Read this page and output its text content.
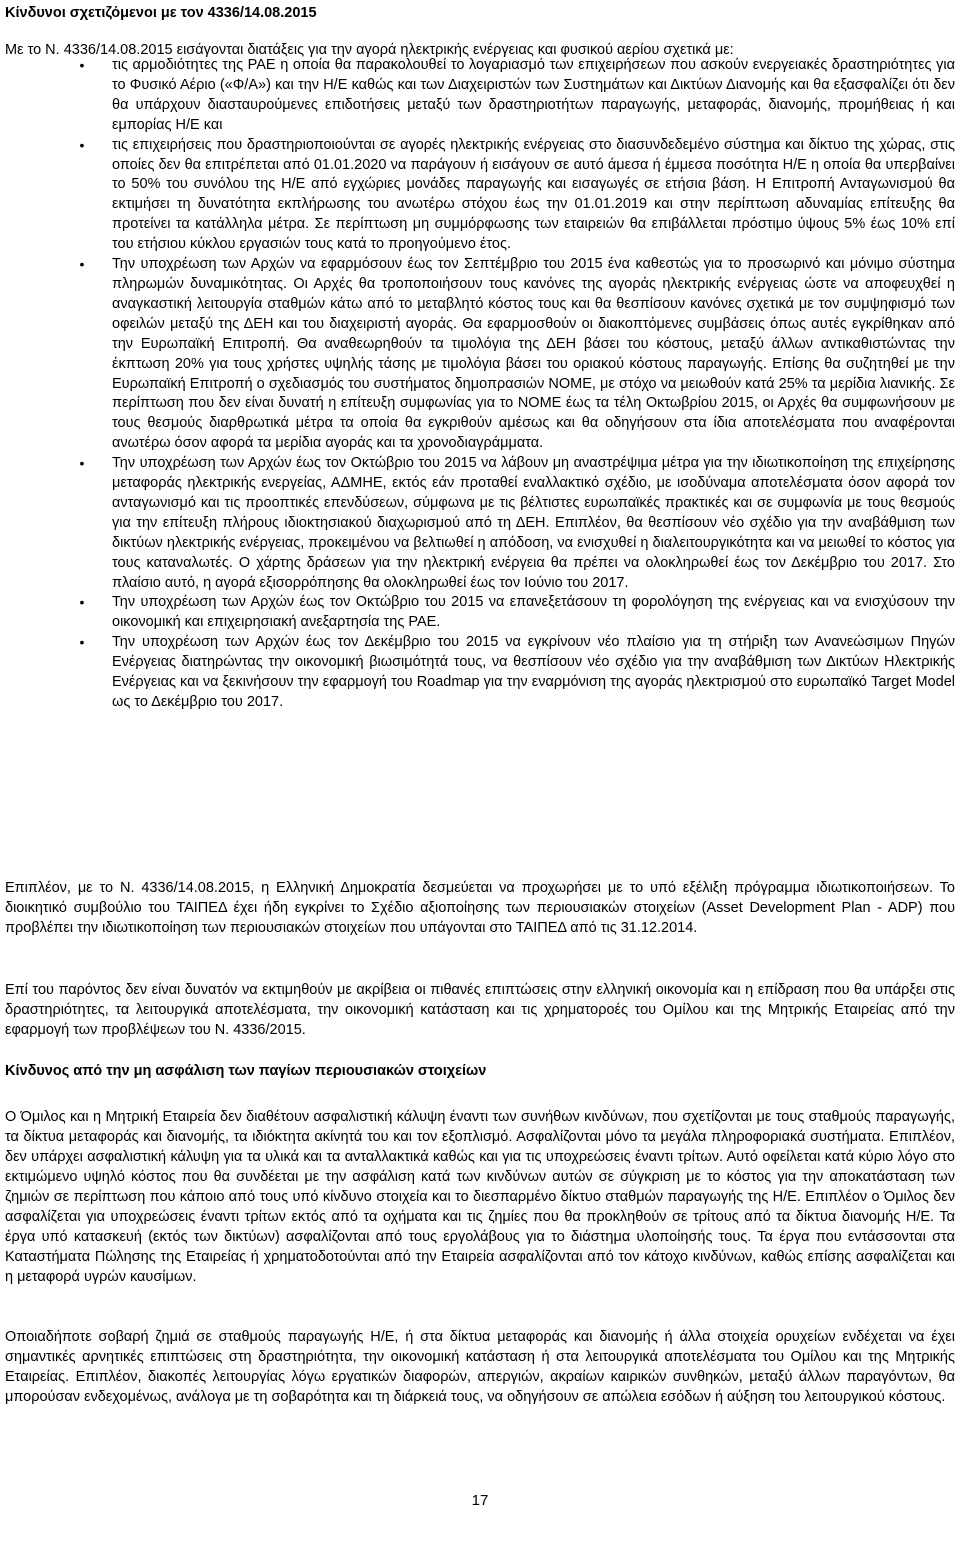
Κίνδυνοι σχετιζόμενοι με τον 4336/14.08.2015
Με το Ν. 4336/14.08.2015 εισάγονται διατάξεις για την αγορά ηλεκτρικής ενέργειας και φυσικού αερίου σχετικά με:
• τις αρμοδιότητες της ΡΑΕ η οποία θα παρακολουθεί το λογαριασμό των επιχειρήσεων που ασκούν ενεργειακές δραστηριότητες για το Φυσικό Αέριο («Φ/Α») και την Η/Ε καθώς και των Διαχειριστών των Συστημάτων και Δικτύων Διανομής και θα εξασφαλίζει ότι δεν θα υπάρχουν διασταυρούμενες επιδοτήσεις μεταξύ των δραστηριοτήτων παραγωγής, μεταφοράς, διανομής, προμήθειας ή και εμπορίας Η/Ε και
• τις επιχειρήσεις που δραστηριοποιούνται σε αγορές ηλεκτρικής ενέργειας στο διασυνδεδεμένο σύστημα και δίκτυο της χώρας, στις οποίες δεν θα επιτρέπεται από 01.01.2020 να παράγουν ή εισάγουν σε αυτό άμεσα ή έμμεσα ποσότητα Η/Ε η οποία θα υπερβαίνει το 50% του συνόλου της Η/Ε από εγχώριες μονάδες παραγωγής και εισαγωγές σε ετήσια βάση. Η Επιτροπή Ανταγωνισμού θα εκτιμήσει τη δυνατότητα εκπλήρωσης του ανωτέρω στόχου έως την 01.01.2019 και στην περίπτωση αδυναμίας επίτευξης θα προτείνει τα κατάλληλα μέτρα. Σε περίπτωση μη συμμόρφωσης των εταιρειών θα επιβάλλεται πρόστιμο ύψους 5% έως 10% επί του ετήσιου κύκλου εργασιών τους κατά το προηγούμενο έτος.
• Την υποχρέωση των Αρχών να εφαρμόσουν έως τον Σεπτέμβριο του 2015 ένα καθεστώς για το προσωρινό και μόνιμο σύστημα πληρωμών δυναμικότητας. Οι Αρχές θα τροποποιήσουν τους κανόνες της αγοράς ηλεκτρικής ενέργειας ώστε να αποφευχθεί η αναγκαστική λειτουργία σταθμών κάτω από το μεταβλητό κόστος τους και θα θεσπίσουν κανόνες σχετικά με τον συμψηφισμό των οφειλών μεταξύ της ΔΕΗ και του διαχειριστή αγοράς. Θα εφαρμοσθούν οι διακοπτόμενες συμβάσεις όπως αυτές εγκρίθηκαν από την Ευρωπαϊκή Επιτροπή. Θα αναθεωρηθούν τα τιμολόγια της ΔΕΗ βάσει του κόστους, μεταξύ άλλων αντικαθιστώντας την έκπτωση 20% για τους χρήστες υψηλής τάσης με τιμολόγια βάσει του οριακού κόστους παραγωγής. Επίσης θα συζητηθεί με την Ευρωπαϊκή Επιτροπή ο σχεδιασμός του συστήματος δημοπρασιών ΝΟΜΕ, με στόχο να μειωθούν κατά 25% τα μερίδια λιανικής. Σε περίπτωση που δεν είναι δυνατή η επίτευξη συμφωνίας για το ΝΟΜΕ έως τα τέλη Οκτωβρίου 2015, οι Αρχές θα συμφωνήσουν με τους θεσμούς διαρθρωτικά μέτρα τα οποία θα εγκριθούν αμέσως και θα οδηγήσουν στα ίδια αποτελέσματα που αναφέρονται ανωτέρω όσον αφορά τα μερίδια αγοράς και τα χρονοδιαγράμματα.
• Την υποχρέωση των Αρχών έως τον Οκτώβριο του 2015 να λάβουν μη αναστρέψιμα μέτρα για την ιδιωτικοποίηση της επιχείρησης μεταφοράς ηλεκτρικής ενεργείας, ΑΔΜΗΕ, εκτός εάν προταθεί εναλλακτικό σχέδιο, με ισοδύναμα αποτελέσματα όσον αφορά τον ανταγωνισμό και τις προοπτικές επενδύσεων, σύμφωνα με τις βέλτιστες ευρωπαϊκές πρακτικές και σε συμφωνία με τους θεσμούς για την επίτευξη πλήρους ιδιοκτησιακού διαχωρισμού από τη ΔΕΗ. Επιπλέον, θα θεσπίσουν νέο σχέδιο για την αναβάθμιση των δικτύων ηλεκτρικής ενέργειας, προκειμένου να βελτιωθεί η απόδοση, να ενισχυθεί η διαλειτουργικότητα και να μειωθεί το κόστος για τους καταναλωτές. Ο χάρτης δράσεων για την ηλεκτρική ενέργεια θα πρέπει να ολοκληρωθεί έως τον Δεκέμβριο του 2017. Στο πλαίσιο αυτό, η αγορά εξισορρόπησης θα ολοκληρωθεί έως τον Ιούνιο του 2017.
• Την υποχρέωση των Αρχών έως τον Οκτώβριο του 2015 να επανεξετάσουν τη φορολόγηση της ενέργειας και να ενισχύσουν την οικονομική και επιχειρησιακή ανεξαρτησία της ΡΑΕ.
• Την υποχρέωση των Αρχών έως τον Δεκέμβριο του 2015 να εγκρίνουν νέο πλαίσιο για τη στήριξη των Ανανεώσιμων Πηγών Ενέργειας διατηρώντας την οικονομική βιωσιμότητά τους, να θεσπίσουν νέο σχέδιο για την αναβάθμιση των Δικτύων Ηλεκτρικής Ενέργειας και να ξεκινήσουν την εφαρμογή του Roadmap για την εναρμόνιση της αγοράς ηλεκτρισμού στο ευρωπαϊκό Target Model ως το Δεκέμβριο του 2017.
Επιπλέον, με το Ν. 4336/14.08.2015, η Ελληνική Δημοκρατία δεσμεύεται να προχωρήσει με το υπό εξέλιξη πρόγραμμα ιδιωτικοποιήσεων. Το διοικητικό συμβούλιο του ΤΑΙΠΕΔ έχει ήδη εγκρίνει το Σχέδιο αξιοποίησης των περιουσιακών στοιχείων (Asset Development Plan - ADP) που προβλέπει την ιδιωτικοποίηση των περιουσιακών στοιχείων που υπάγονται στο ΤΑΙΠΕΔ από τις 31.12.2014.
Επί του παρόντος δεν είναι δυνατόν να εκτιμηθούν με ακρίβεια οι πιθανές επιπτώσεις στην ελληνική οικονομία και η επίδραση που θα υπάρξει στις δραστηριότητες, τα λειτουργικά αποτελέσματα, την οικονομική κατάσταση και τις χρηματοροές του Ομίλου και της Μητρικής Εταιρείας από την εφαρμογή των προβλέψεων του Ν. 4336/2015.
Κίνδυνος από την μη ασφάλιση των παγίων περιουσιακών στοιχείων
Ο Όμιλος και η Μητρική Εταιρεία δεν διαθέτουν ασφαλιστική κάλυψη έναντι των συνήθων κινδύνων, που σχετίζονται με τους σταθμούς παραγωγής, τα δίκτυα μεταφοράς και διανομής, τα ιδιόκτητα ακίνητά του και τον εξοπλισμό. Ασφαλίζονται μόνο τα μεγάλα πληροφοριακά συστήματα. Επιπλέον, δεν υπάρχει ασφαλιστική κάλυψη για τα υλικά και τα ανταλλακτικά καθώς και για τις υποχρεώσεις έναντι τρίτων. Αυτό οφείλεται κατά κύριο λόγο στο εκτιμώμενο υψηλό κόστος που θα συνδέεται με την ασφάλιση κατά των κινδύνων αυτών σε σύγκριση με το κόστος για την αποκατάσταση των ζημιών σε περίπτωση που κάποιο από τους υπό κίνδυνο στοιχεία και το διεσπαρμένο δίκτυο σταθμών παραγωγής της Η/Ε. Επιπλέον ο Όμιλος δεν ασφαλίζεται για υποχρεώσεις έναντι τρίτων εκτός από τα οχήματα και τις ζημίες που θα προκληθούν σε τρίτους από τα δίκτυα διανομής Η/Ε. Τα έργα υπό κατασκευή (εκτός των δικτύων) ασφαλίζονται από τους εργολάβους για το διάστημα υλοποίησής τους. Τα έργα που εντάσσονται στα Καταστήματα Πώλησης της Εταιρείας ή χρηματοδοτούνται από την Εταιρεία ασφαλίζονται από τον κάτοχο κινδύνων, καθώς επίσης ασφαλίζεται και η μεταφορά υγρών καυσίμων.
Οποιαδήποτε σοβαρή ζημιά σε σταθμούς παραγωγής Η/Ε, ή στα δίκτυα μεταφοράς και διανομής ή άλλα στοιχεία ορυχείων ενδέχεται να έχει σημαντικές αρνητικές επιπτώσεις στη δραστηριότητα, την οικονομική κατάσταση ή στα λειτουργικά αποτελέσματα του Ομίλου και της Μητρικής Εταιρείας. Επιπλέον, διακοπές λειτουργίας λόγω εργατικών διαφορών, απεργιών, ακραίων καιρικών συνθηκών, μεταξύ άλλων παραγόντων, θα μπορούσαν ενδεχομένως, ανάλογα με τη σοβαρότητα και τη διάρκειά τους, να οδηγήσουν σε απώλεια εσόδων ή αύξηση του λειτουργικού κόστους.
17
